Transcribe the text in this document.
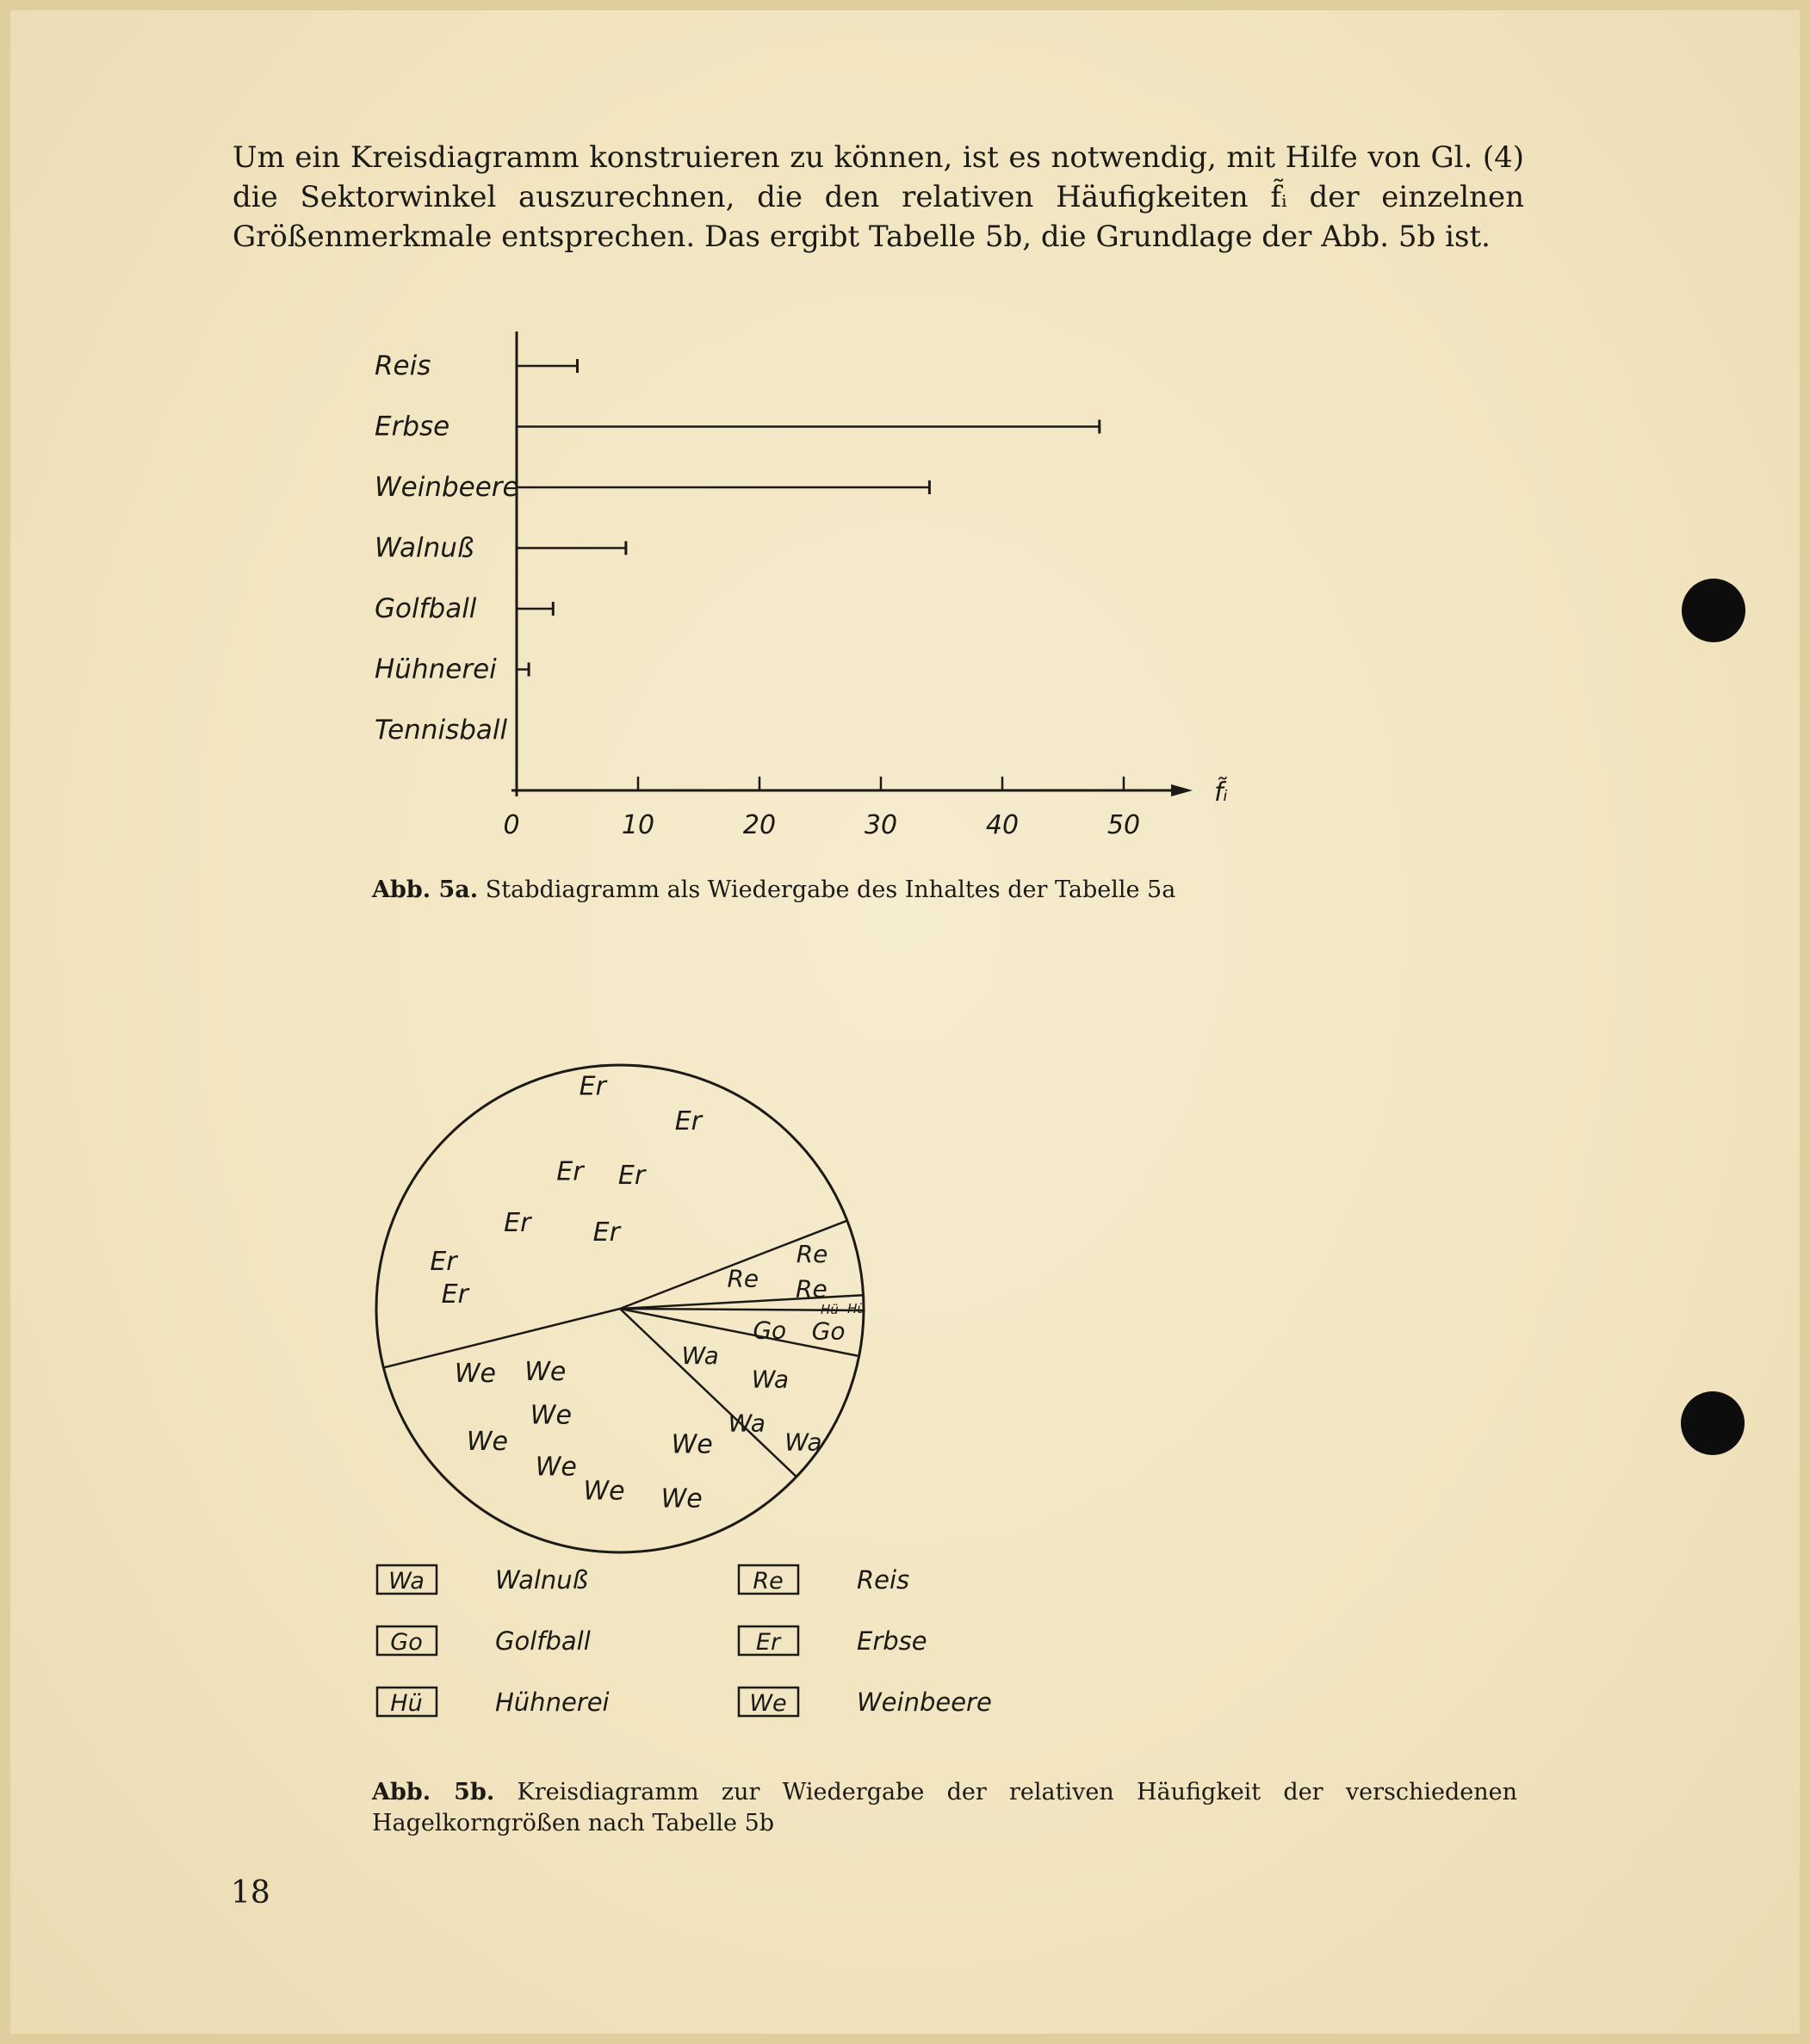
Um ein Kreisdiagramm konstruieren zu können, ist es notwendig, mit Hilfe von Gl. (4) die Sektorwinkel auszurechnen, die den relativen Häufigkeiten f̃ᵢ der einzelnen Größenmerkmale entsprechen. Das ergibt Tabelle 5b, die Grundlage der Abb. 5b ist.

Reis
Erbse
Weinbeere
Walnuß
Golfball
Hühnerei
Tennisball
0	10	20	30	40	50
f̃ᵢ
Abb. 5a. Stabdiagramm als Wiedergabe des Inhaltes der Tabelle 5a
Er
Er
Er
Er
Er
Er
Er
Er
Re
Re
Re
Hü Hü
Go Go
Wa
Wa
Wa
Wa
We
We
We
We
We
We We
We
Wa	Walnuß
Go	Golfball
Hü	Hühnerei
Re	Reis
Er	Erbse
We	Weinbeere
Abb. 5b. Kreisdiagramm zur Wiedergabe der relativen Häufigkeit der verschiedenen Hagelkorngrößen nach Tabelle 5b
18
